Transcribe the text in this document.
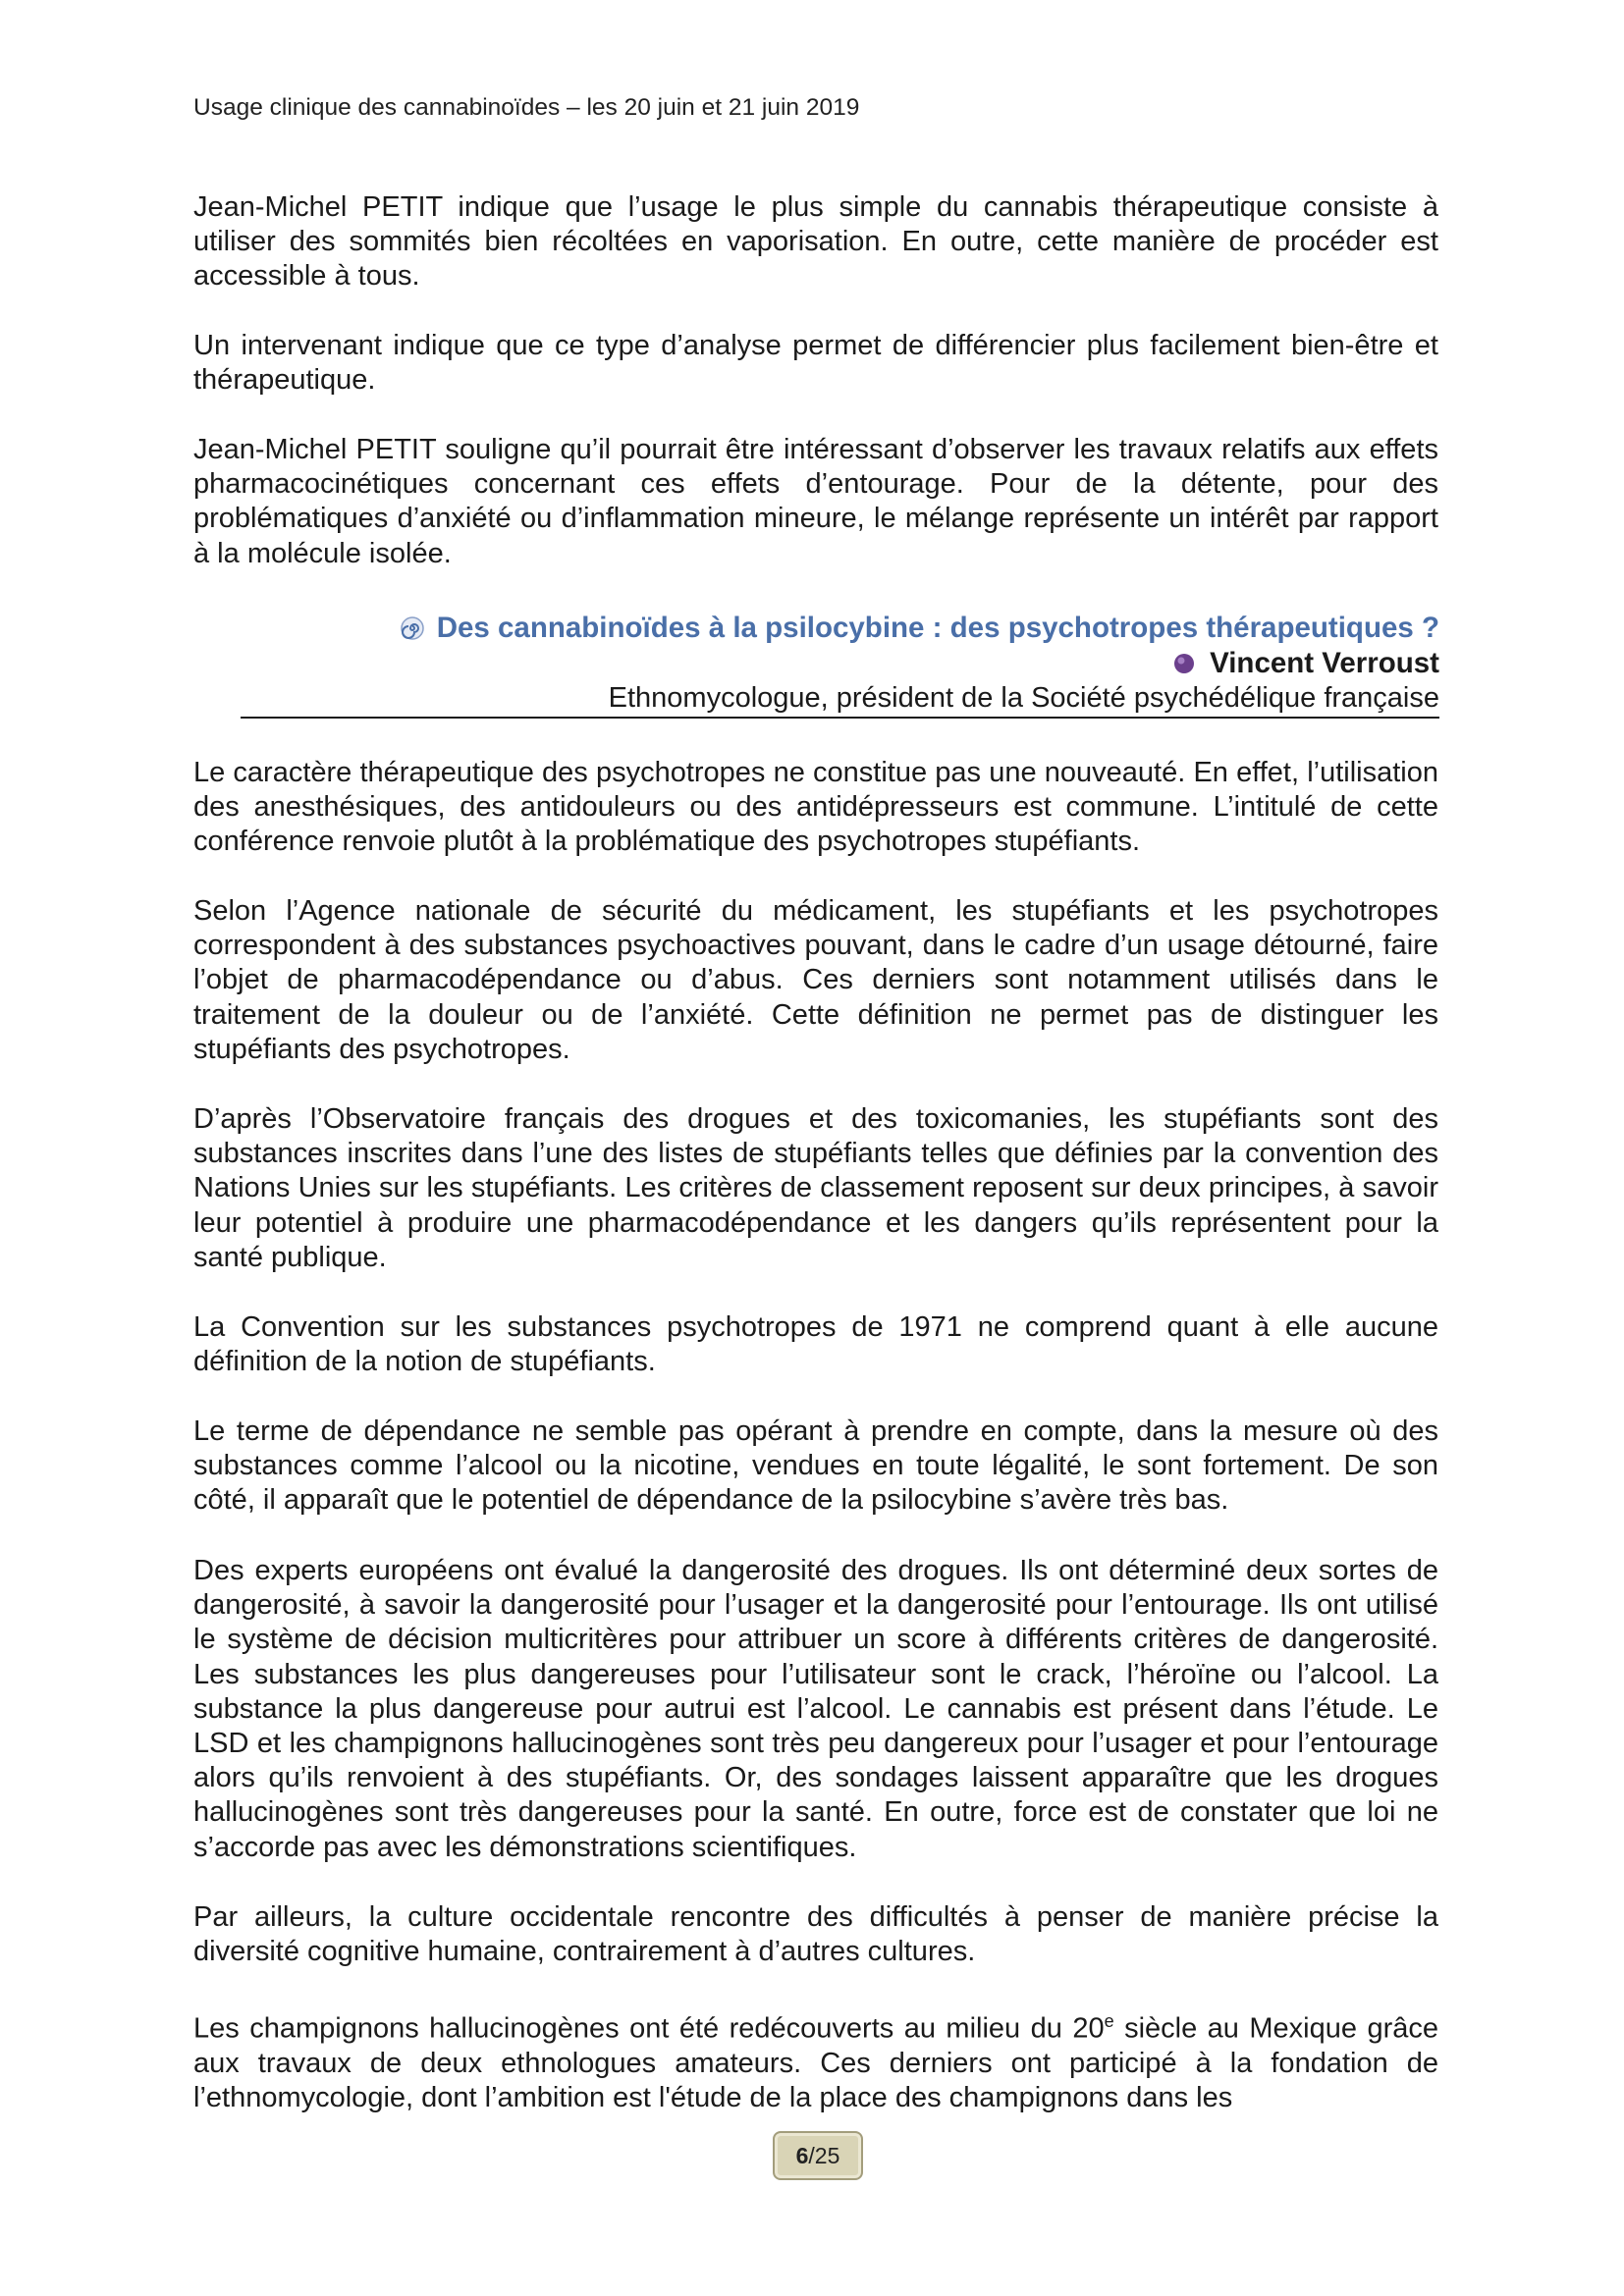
Usage clinique des cannabinoïdes – les 20 juin et 21 juin 2019

Jean-Michel PETIT indique que l’usage le plus simple du cannabis thérapeutique consiste à utiliser des sommités bien récoltées en vaporisation. En outre, cette manière de procéder est accessible à tous.

Un intervenant indique que ce type d’analyse permet de différencier plus facilement bien-être et thérapeutique.

Jean-Michel PETIT souligne qu’il pourrait être intéressant d’observer les travaux relatifs aux effets pharmacocinétiques concernant ces effets d’entourage. Pour de la détente, pour des problématiques d’anxiété ou d’inflammation mineure, le mélange représente un intérêt par rapport à la molécule isolée.

Des cannabinoïdes à la psilocybine : des psychotropes thérapeutiques ?
Vincent Verroust
Ethnomycologue, président de la Société psychédélique française

Le caractère thérapeutique des psychotropes ne constitue pas une nouveauté. En effet, l’utilisation des anesthésiques, des antidouleurs ou des antidépresseurs est commune. L’intitulé de cette conférence renvoie plutôt à la problématique des psychotropes stupéfiants.

Selon l’Agence nationale de sécurité du médicament, les stupéfiants et les psychotropes correspondent à des substances psychoactives pouvant, dans le cadre d’un usage détourné, faire l’objet de pharmacodépendance ou d’abus. Ces derniers sont notamment utilisés dans le traitement de la douleur ou de l’anxiété. Cette définition ne permet pas de distinguer les stupéfiants des psychotropes.

D’après l’Observatoire français des drogues et des toxicomanies, les stupéfiants sont des substances inscrites dans l’une des listes de stupéfiants telles que définies par la convention des Nations Unies sur les stupéfiants. Les critères de classement reposent sur deux principes, à savoir leur potentiel à produire une pharmacodépendance et les dangers qu’ils représentent pour la santé publique.

La Convention sur les substances psychotropes de 1971 ne comprend quant à elle aucune définition de la notion de stupéfiants.

Le terme de dépendance ne semble pas opérant à prendre en compte, dans la mesure où des substances comme l’alcool ou la nicotine, vendues en toute légalité, le sont fortement. De son côté, il apparaît que le potentiel de dépendance de la psilocybine s’avère très bas.

Des experts européens ont évalué la dangerosité des drogues. Ils ont déterminé deux sortes de dangerosité, à savoir la dangerosité pour l’usager et la dangerosité pour l’entourage. Ils ont utilisé le système de décision multicritères pour attribuer un score à différents critères de dangerosité. Les substances les plus dangereuses pour l’utilisateur sont le crack, l’héroïne ou l’alcool. La substance la plus dangereuse pour autrui est l’alcool. Le cannabis est présent dans l’étude. Le LSD et les champignons hallucinogènes sont très peu dangereux pour l’usager et pour l’entourage alors qu’ils renvoient à des stupéfiants. Or, des sondages laissent apparaître que les drogues hallucinogènes sont très dangereuses pour la santé. En outre, force est de constater que loi ne s’accorde pas avec les démonstrations scientifiques.

Par ailleurs, la culture occidentale rencontre des difficultés à penser de manière précise la diversité cognitive humaine, contrairement à d’autres cultures.

Les champignons hallucinogènes ont été redécouverts au milieu du 20e siècle au Mexique grâce aux travaux de deux ethnologues amateurs. Ces derniers ont participé à la fondation de l’ethnomycologie, dont l’ambition est l'étude de la place des champignons dans les

6/25
